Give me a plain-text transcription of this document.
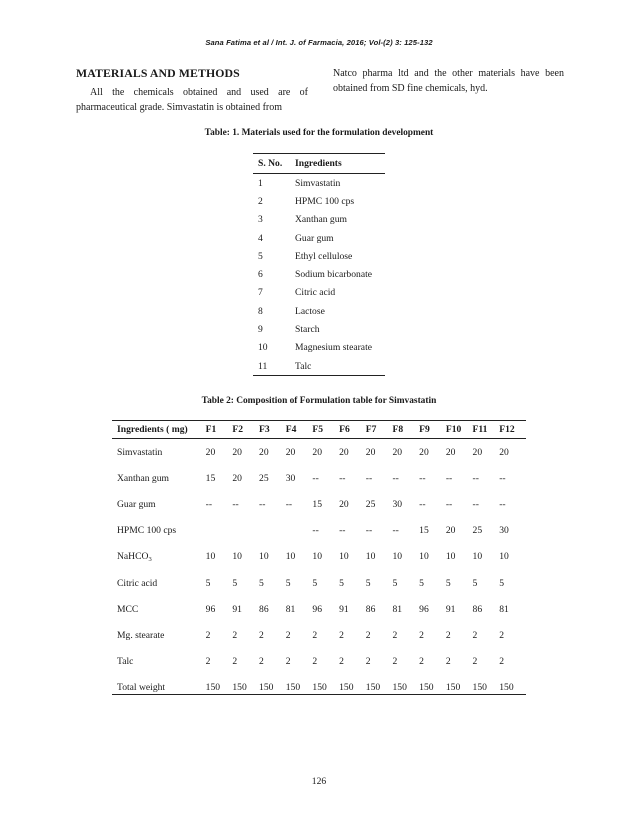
Sana Fatima et al / Int. J. of Farmacia, 2016; Vol-(2) 3: 125-132
MATERIALS AND METHODS

All the chemicals obtained and used are of pharmaceutical grade. Simvastatin is obtained from

Natco pharma ltd and the other materials have been obtained from SD fine chemicals, hyd.

Table: 1. Materials used for the formulation development
S. No.	Ingredients
1	Simvastatin
2	HPMC 100 cps
3	Xanthan gum
4	Guar gum
5	Ethyl cellulose
6	Sodium bicarbonate
7	Citric acid
8	Lactose
9	Starch
10	Magnesium stearate
11	Talc
Table 2: Composition of Formulation table for Simvastatin
Ingredients ( mg)	F1	F2	F3	F4	F5	F6	F7	F8	F9	F10	F11	F12
Simvastatin	20	20	20	20	20	20	20	20	20	20	20	20
Xanthan gum	15	20	25	30	--	--	--	--	--	--	--	--
Guar gum	--	--	--	--	15	20	25	30	--	--	--	--
HPMC 100 cps					--	--	--	--	15	20	25	30
NaHCO$_3$	10	10	10	10	10	10	10	10	10	10	10	10
Citric acid	5	5	5	5	5	5	5	5	5	5	5	5
MCC	96	91	86	81	96	91	86	81	96	91	86	81
Mg. stearate	2	2	2	2	2	2	2	2	2	2	2	2
Talc	2	2	2	2	2	2	2	2	2	2	2	2
Total weight	150	150	150	150	150	150	150	150	150	150	150	150
126
